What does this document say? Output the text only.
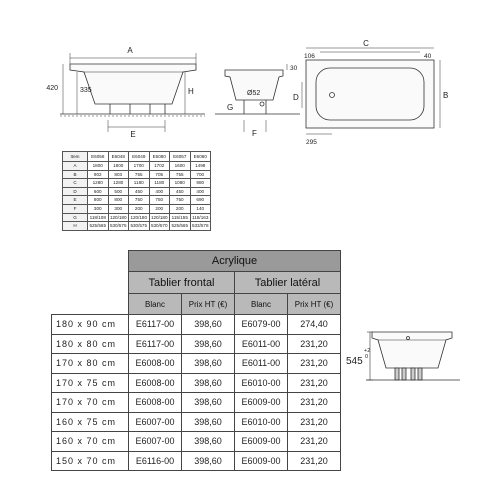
A
420	335	H
E
30
Ø52
G
F
106
C
40
D	B
295
Item	E6058	E6048	E6049	E6080	E6057	E6060
A	1800	1800	1700	1702	1600	1498
B	902	803	755	705	755	700
C	1280	1280	1180	1180	1080	980
D	600	500	450	400	450	400
E	800	800	750	750	750	690
F	300	300	200	200	200	140
G	118/108	120/180	120/180	120/180	115/155	118/163
H	525/565	530/575	530/575	530/570	525/565	533/578
	Acrylique			
	Tablier frontal		Tablier latéral	
	Blanc	Prix HT (€)	Blanc	Prix HT (€)
180 x 90 cm	E6117-00	398,60	E6079-00	274,40
180 x 80 cm	E6117-00	398,60	E6011-00	231,20
170 x 80 cm	E6008-00	398,60	E6011-00	231,20
170 x 75 cm	E6008-00	398,60	E6010-00	231,20
170 x 70 cm	E6008-00	398,60	E6009-00	231,20
160 x 75 cm	E6007-00	398,60	E6010-00	231,20
160 x 70 cm	E6007-00	398,60	E6009-00	231,20
150 x 70 cm	E6116-00	398,60	E6009-00	231,20
545
+2
0
